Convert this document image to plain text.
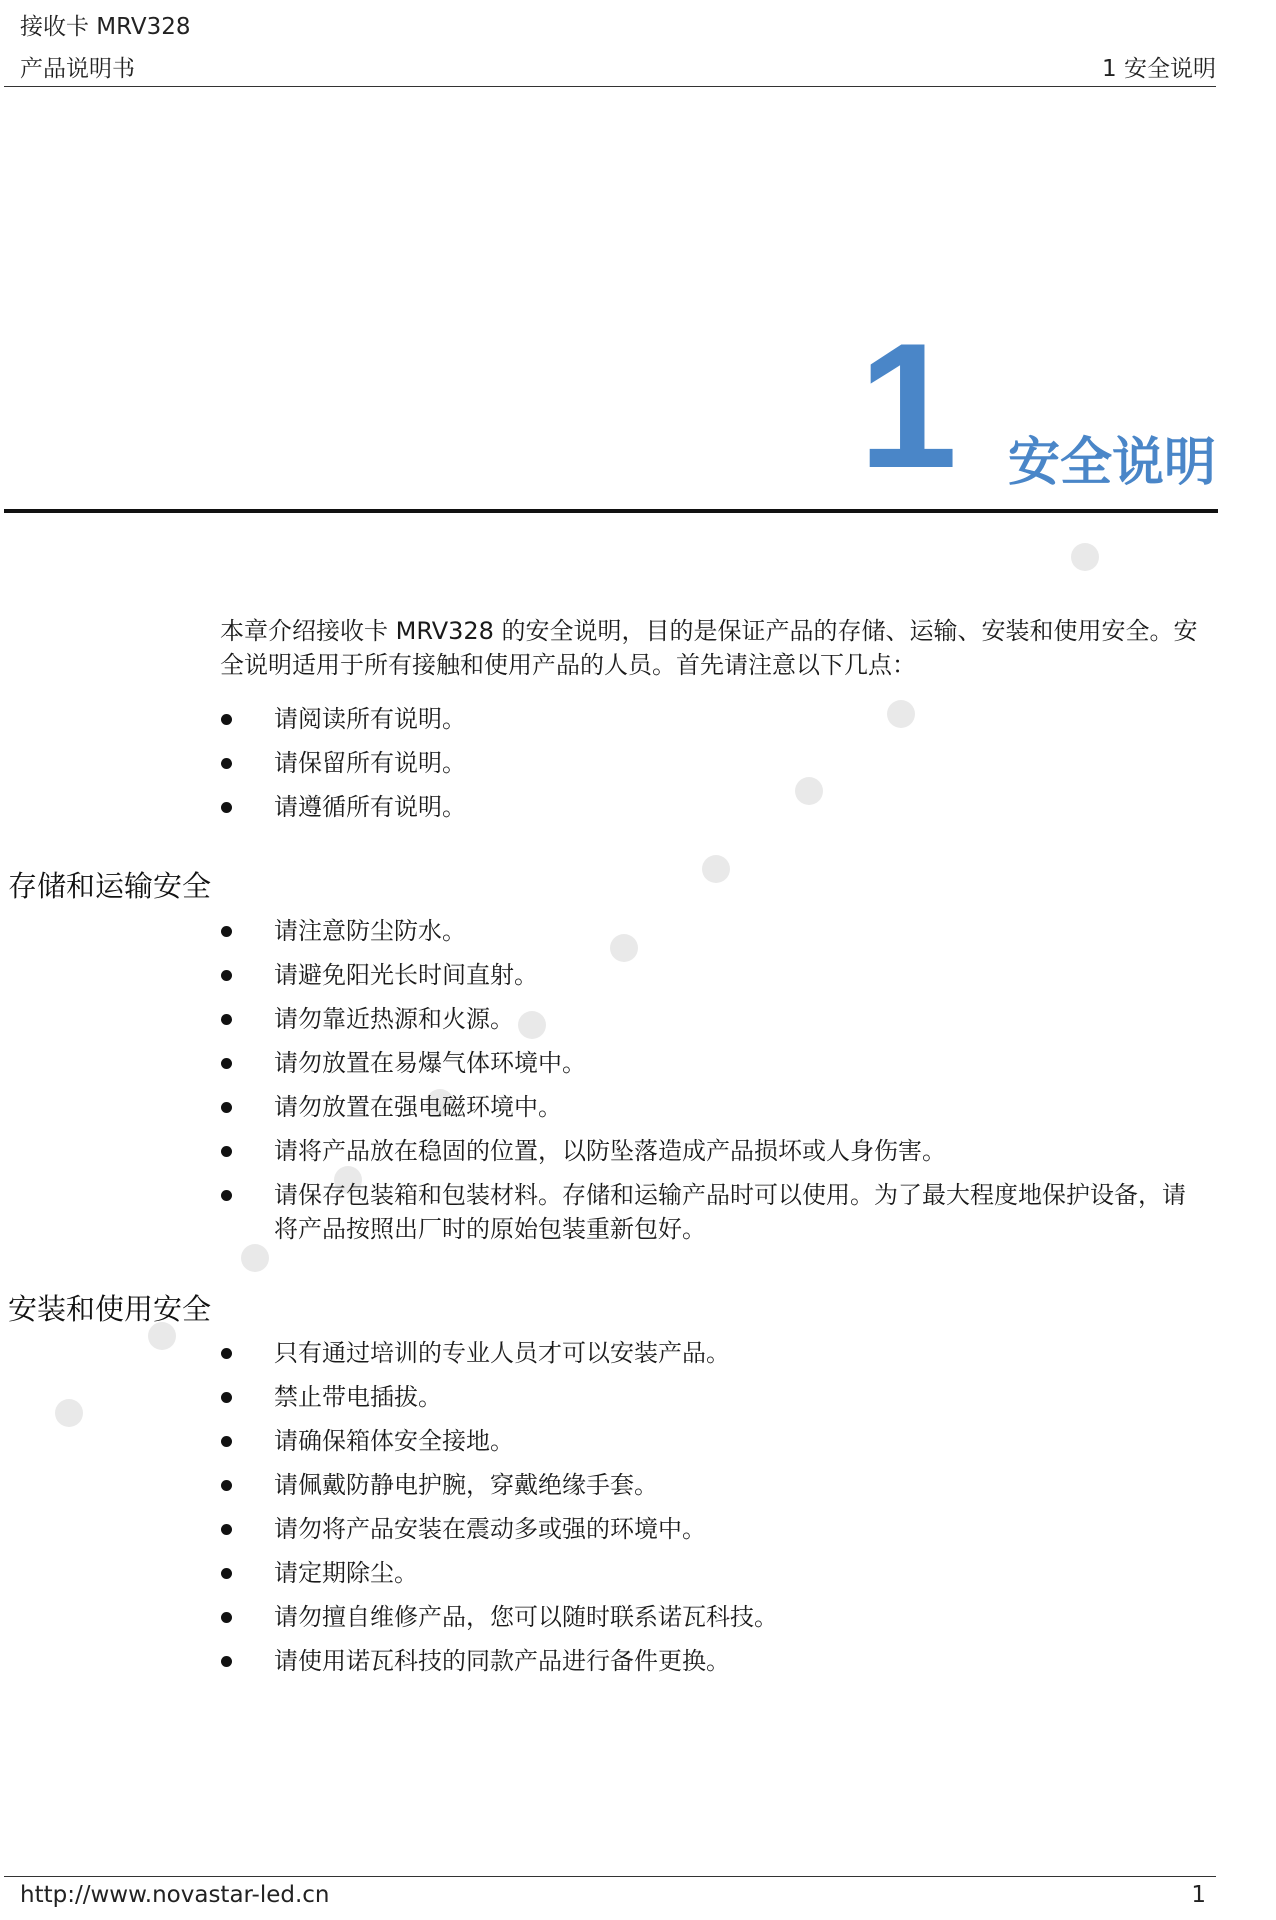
接收卡 MRV328
产品说明书	1 安全说明
1 安全说明
本章介绍接收卡 MRV328 的安全说明，目的是保证产品的存储、运输、安装和使用安全。安全说明适用于所有接触和使用产品的人员。首先请注意以下几点：
请阅读所有说明。
请保留所有说明。
请遵循所有说明。
存储和运输安全
请注意防尘防水。
请避免阳光长时间直射。
请勿靠近热源和火源。
请勿放置在易爆气体环境中。
请勿放置在强电磁环境中。
请将产品放在稳固的位置，以防坠落造成产品损坏或人身伤害。
请保存包装箱和包装材料。存储和运输产品时可以使用。为了最大程度地保护设备，请将产品按照出厂时的原始包装重新包好。
安装和使用安全
只有通过培训的专业人员才可以安装产品。
禁止带电插拔。
请确保箱体安全接地。
请佩戴防静电护腕，穿戴绝缘手套。
请勿将产品安装在震动多或强的环境中。
请定期除尘。
请勿擅自维修产品，您可以随时联系诺瓦科技。
请使用诺瓦科技的同款产品进行备件更换。
http://www.novastar-led.cn	1
